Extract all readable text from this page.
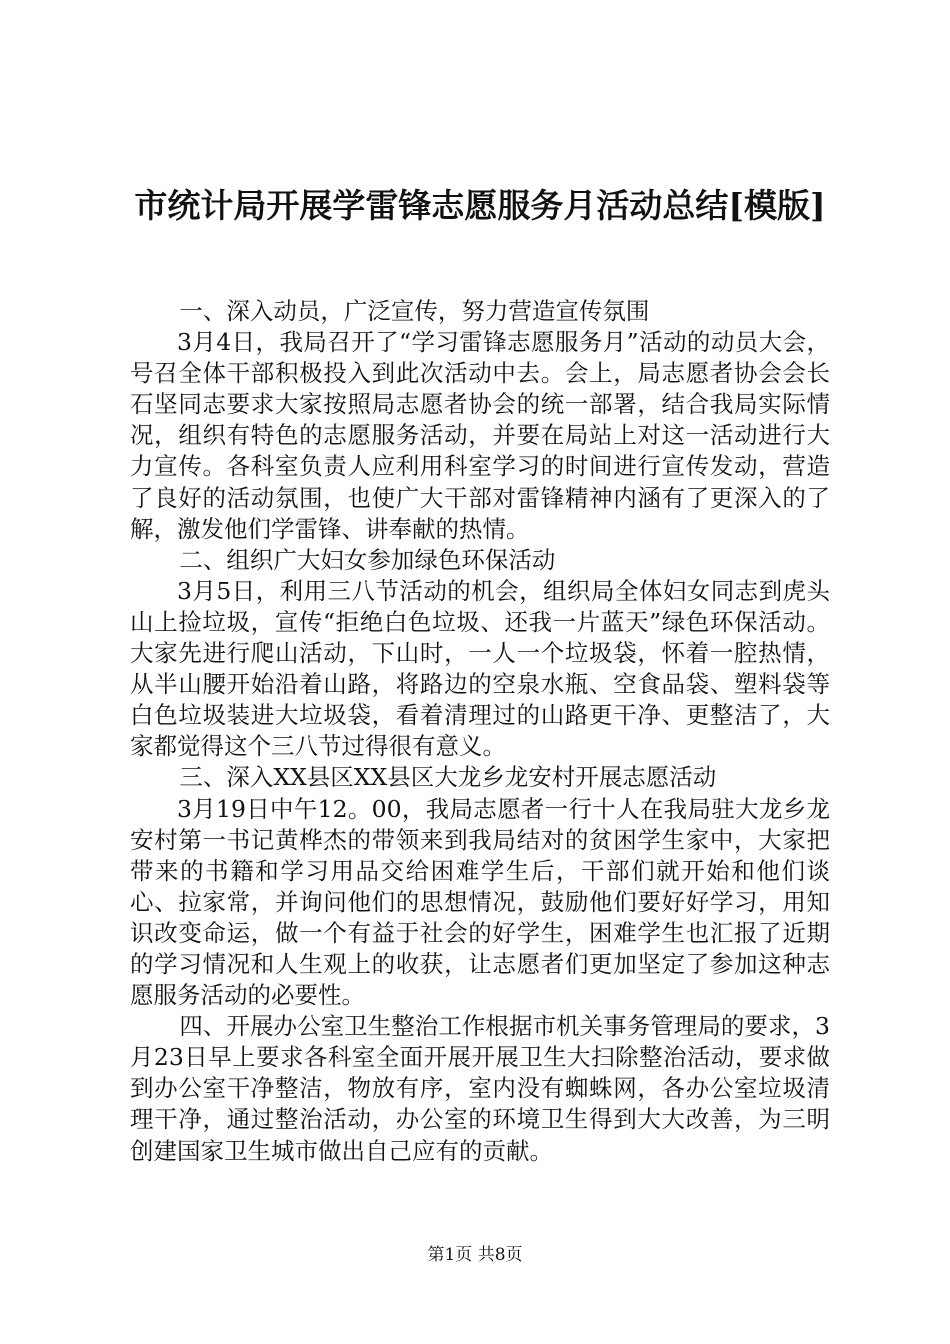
市统计局开展学雷锋志愿服务月活动总结[模版]

一、深入动员，广泛宣传，努力营造宣传氛围

3月4日，我局召开了“学习雷锋志愿服务月”活动的动员大会，号召全体干部积极投入到此次活动中去。会上，局志愿者协会会长石坚同志要求大家按照局志愿者协会的统一部署，结合我局实际情况，组织有特色的志愿服务活动，并要在局站上对这一活动进行大力宣传。各科室负责人应利用科室学习的时间进行宣传发动，营造了良好的活动氛围，也使广大干部对雷锋精神内涵有了更深入的了解，激发他们学雷锋、讲奉献的热情。

二、组织广大妇女参加绿色环保活动

3月5日，利用三八节活动的机会，组织局全体妇女同志到虎头山上捡垃圾，宣传“拒绝白色垃圾、还我一片蓝天”绿色环保活动。大家先进行爬山活动，下山时，一人一个垃圾袋，怀着一腔热情，从半山腰开始沿着山路，将路边的空泉水瓶、空食品袋、塑料袋等白色垃圾装进大垃圾袋，看着清理过的山路更干净、更整洁了，大家都觉得这个三八节过得很有意义。

三、深入XX县区XX县区大龙乡龙安村开展志愿活动

3月19日中午12。00，我局志愿者一行十人在我局驻大龙乡龙安村第一书记黄桦杰的带领来到我局结对的贫困学生家中，大家把带来的书籍和学习用品交给困难学生后，干部们就开始和他们谈心、拉家常，并询问他们的思想情况，鼓励他们要好好学习，用知识改变命运，做一个有益于社会的好学生，困难学生也汇报了近期的学习情况和人生观上的收获，让志愿者们更加坚定了参加这种志愿服务活动的必要性。

四、开展办公室卫生整治工作根据市机关事务管理局的要求，3月23日早上要求各科室全面开展开展卫生大扫除整治活动，要求做到办公室干净整洁，物放有序，室内没有蜘蛛网，各办公室垃圾清理干净，通过整治活动，办公室的环境卫生得到大大改善，为三明创建国家卫生城市做出自己应有的贡献。

第1页 共8页
